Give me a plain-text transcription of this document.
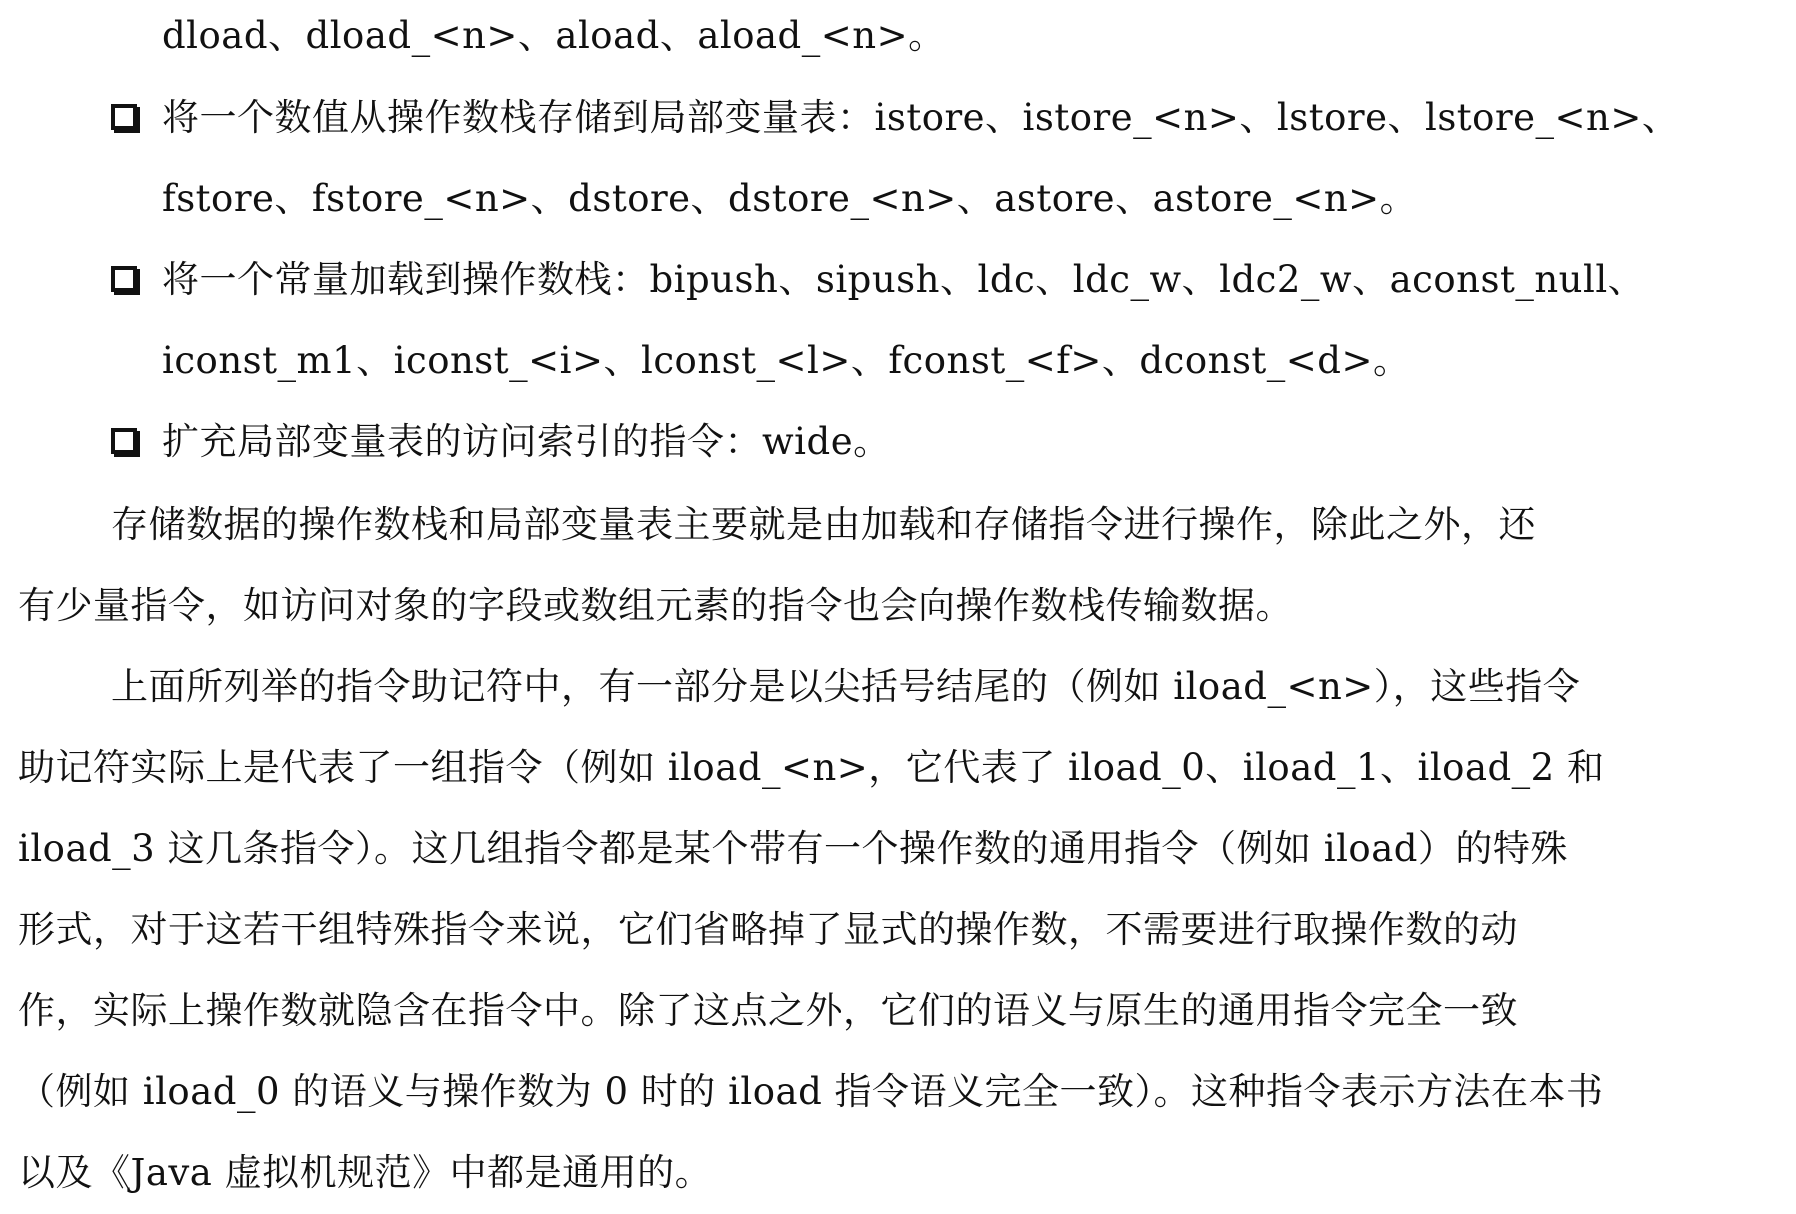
dload、dload_<n>、aload、aload_<n>。
将一个数值从操作数栈存储到局部变量表：istore、istore_<n>、lstore、lstore_<n>、
fstore、fstore_<n>、dstore、dstore_<n>、astore、astore_<n>。
将一个常量加载到操作数栈：bipush、sipush、ldc、ldc_w、ldc2_w、aconst_null、
iconst_m1、iconst_<i>、lconst_<l>、fconst_<f>、dconst_<d>。
扩充局部变量表的访问索引的指令：wide。
存储数据的操作数栈和局部变量表主要就是由加载和存储指令进行操作，除此之外，还
有少量指令，如访问对象的字段或数组元素的指令也会向操作数栈传输数据。
上面所列举的指令助记符中，有一部分是以尖括号结尾的（例如 iload_<n>），这些指令
助记符实际上是代表了一组指令（例如 iload_<n>，它代表了 iload_0、iload_1、iload_2 和
iload_3 这几条指令）。这几组指令都是某个带有一个操作数的通用指令（例如 iload）的特殊
形式，对于这若干组特殊指令来说，它们省略掉了显式的操作数，不需要进行取操作数的动
作，实际上操作数就隐含在指令中。除了这点之外，它们的语义与原生的通用指令完全一致
（例如 iload_0 的语义与操作数为 0 时的 iload 指令语义完全一致）。这种指令表示方法在本书
以及《Java 虚拟机规范》中都是通用的。
